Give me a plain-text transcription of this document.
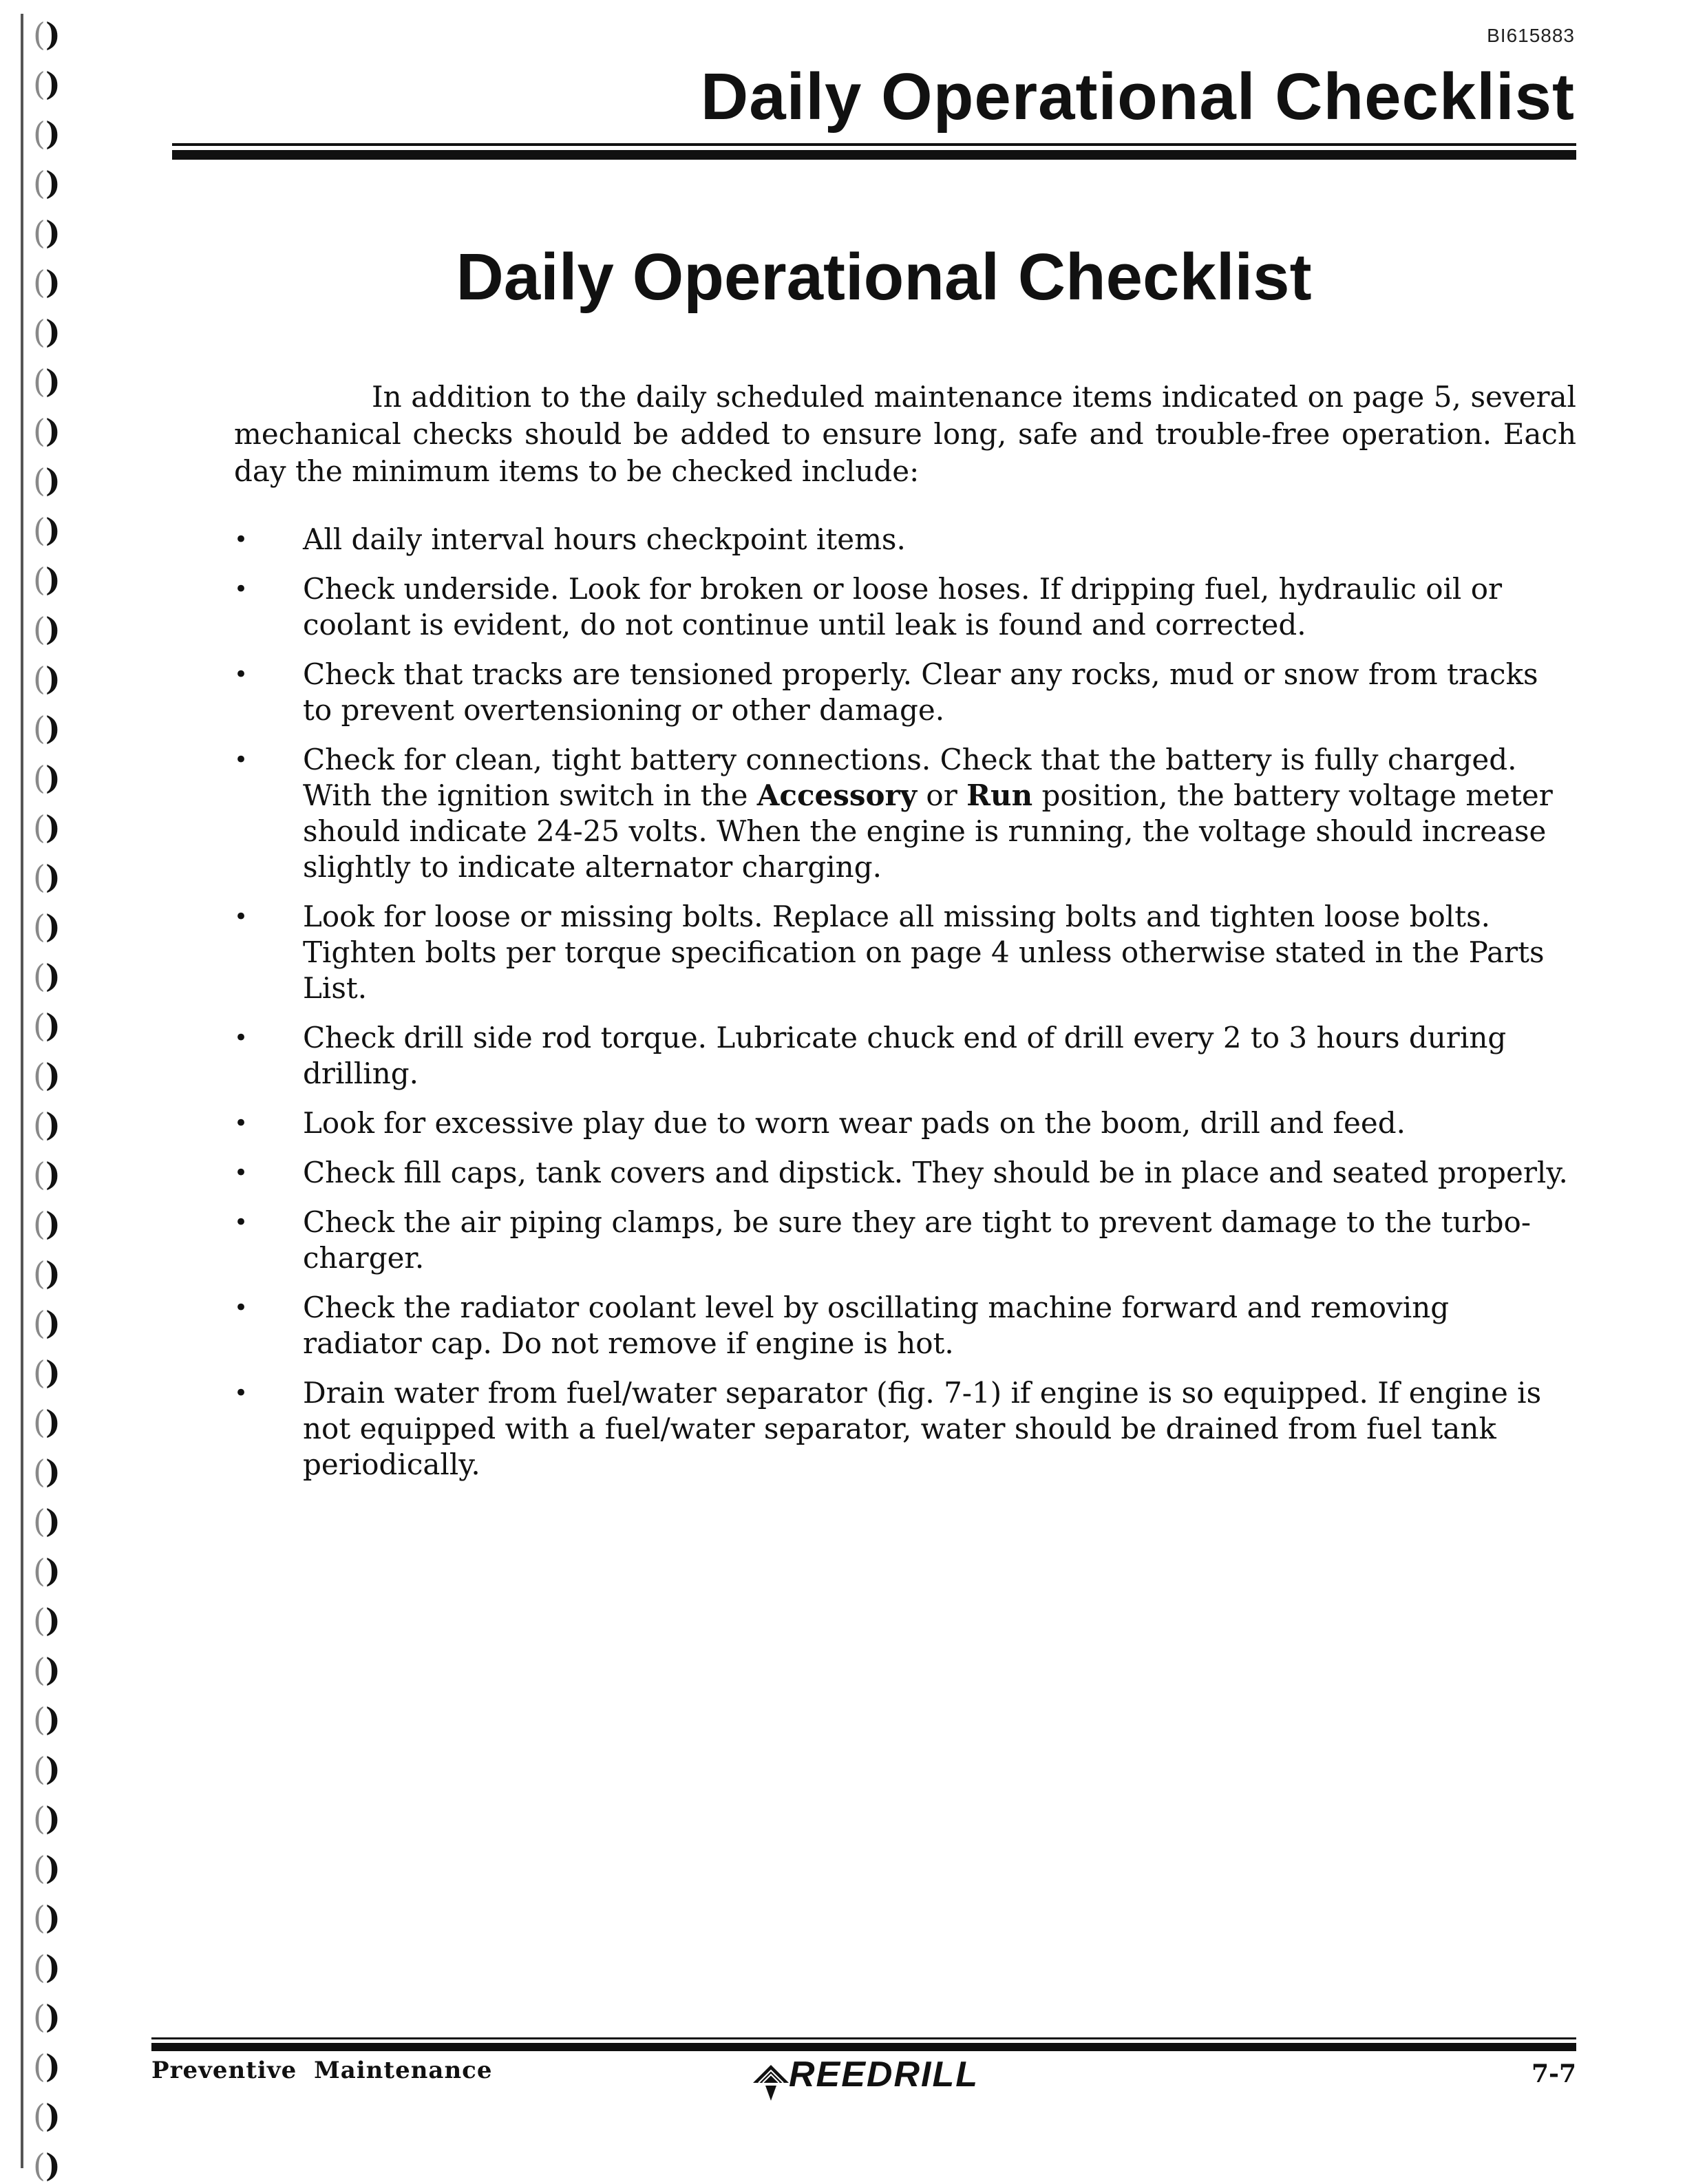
()
()
()
()
()
()
()
()
()
()
()
()
()
()
()
()
()
()
()
()
()
()
()
()
()
()
()
()
()
()
()
()
()
()
()
()
()
()
()
()
()
()
()
()
BI615883
Daily Operational Checklist
Daily Operational Checklist

In addition to the daily scheduled maintenance items indicated on page 5, several mechanical checks should be added to ensure long, safe and trouble-free operation. Each day the minimum items to be checked include:

•	All daily interval hours checkpoint items.
•	Check underside. Look for broken or loose hoses. If dripping fuel, hydraulic oil or coolant is evident, do not continue until leak is found and corrected.
•	Check that tracks are tensioned properly. Clear any rocks, mud or snow from tracks to prevent overtensioning or other damage.
•	Check for clean, tight battery connections. Check that the battery is fully charged. With the ignition switch in the Accessory or Run position, the battery voltage meter should indicate 24-25 volts. When the engine is running, the voltage should increase slightly to indicate alternator charging.
•	Look for loose or missing bolts. Replace all missing bolts and tighten loose bolts. Tighten bolts per torque specification on page 4 unless otherwise stated in the Parts List.
•	Check drill side rod torque. Lubricate chuck end of drill every 2 to 3 hours during drilling.
•	Look for excessive play due to worn wear pads on the boom, drill and feed.
•	Check fill caps, tank covers and dipstick. They should be in place and seated properly.
•	Check the air piping clamps, be sure they are tight to prevent damage to the turbo-charger.
•	Check the radiator coolant level by oscillating machine forward and removing radiator cap. Do not remove if engine is hot.
•	Drain water from fuel/water separator (fig. 7-1) if engine is so equipped. If engine is not equipped with a fuel/water separator, water should be drained from fuel tank periodically.
Preventive Maintenance	REEDRILL	7-7
